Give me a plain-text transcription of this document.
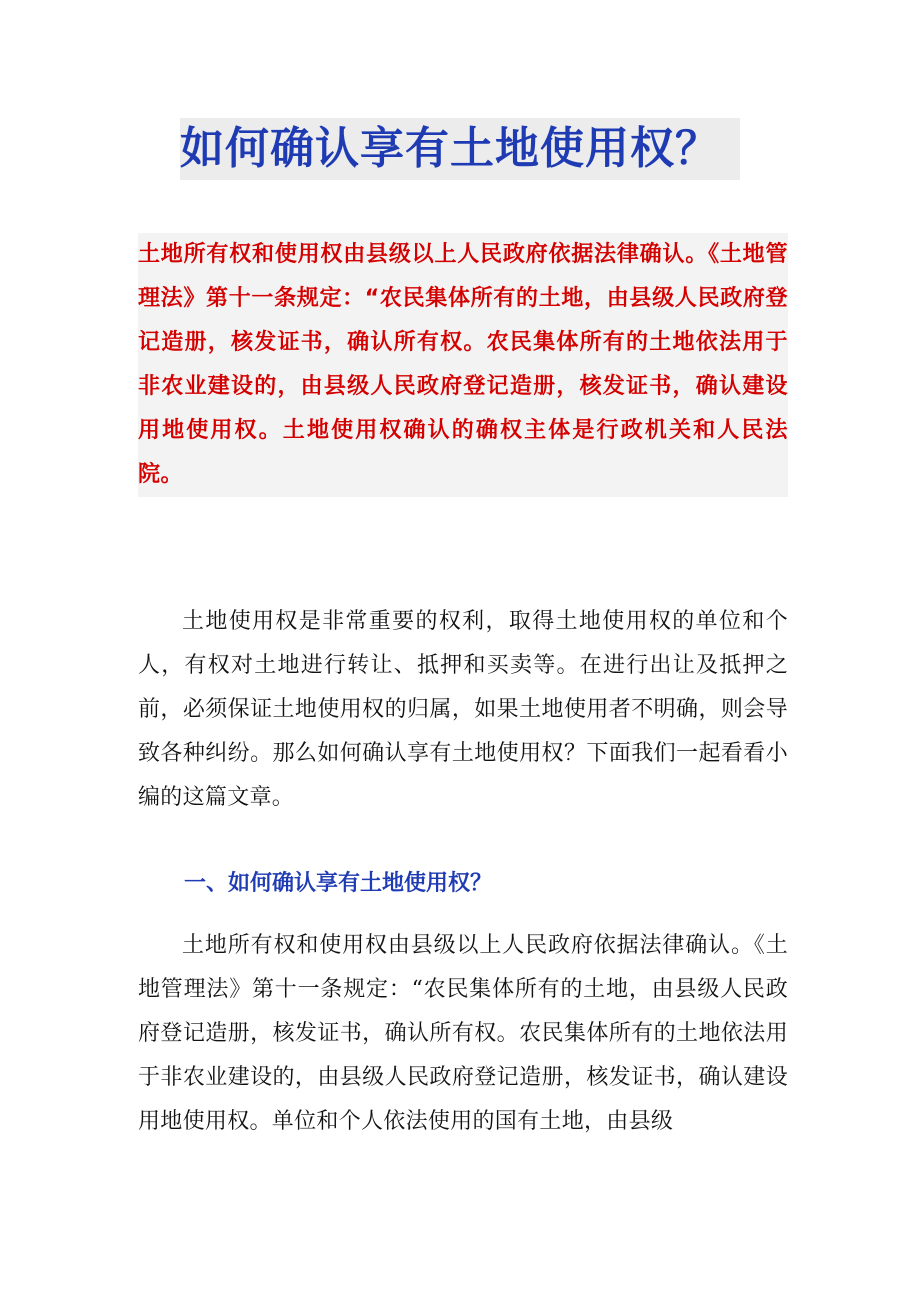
如何确认享有土地使用权？

土地所有权和使用权由县级以上人民政府依据法律确认。《土地管理法》第十一条规定：“农民集体所有的土地，由县级人民政府登记造册，核发证书，确认所有权。农民集体所有的土地依法用于非农业建设的，由县级人民政府登记造册，核发证书，确认建设用地使用权。土地使用权确认的确权主体是行政机关和人民法院。

土地使用权是非常重要的权利，取得土地使用权的单位和个人，有权对土地进行转让、抵押和买卖等。在进行出让及抵押之前，必须保证土地使用权的归属，如果土地使用者不明确，则会导致各种纠纷。那么如何确认享有土地使用权？下面我们一起看看小编的这篇文章。

一、如何确认享有土地使用权？

土地所有权和使用权由县级以上人民政府依据法律确认。《土地管理法》第十一条规定：“农民集体所有的土地，由县级人民政府登记造册，核发证书，确认所有权。农民集体所有的土地依法用于非农业建设的，由县级人民政府登记造册，核发证书，确认建设用地使用权。单位和个人依法使用的国有土地，由县级
